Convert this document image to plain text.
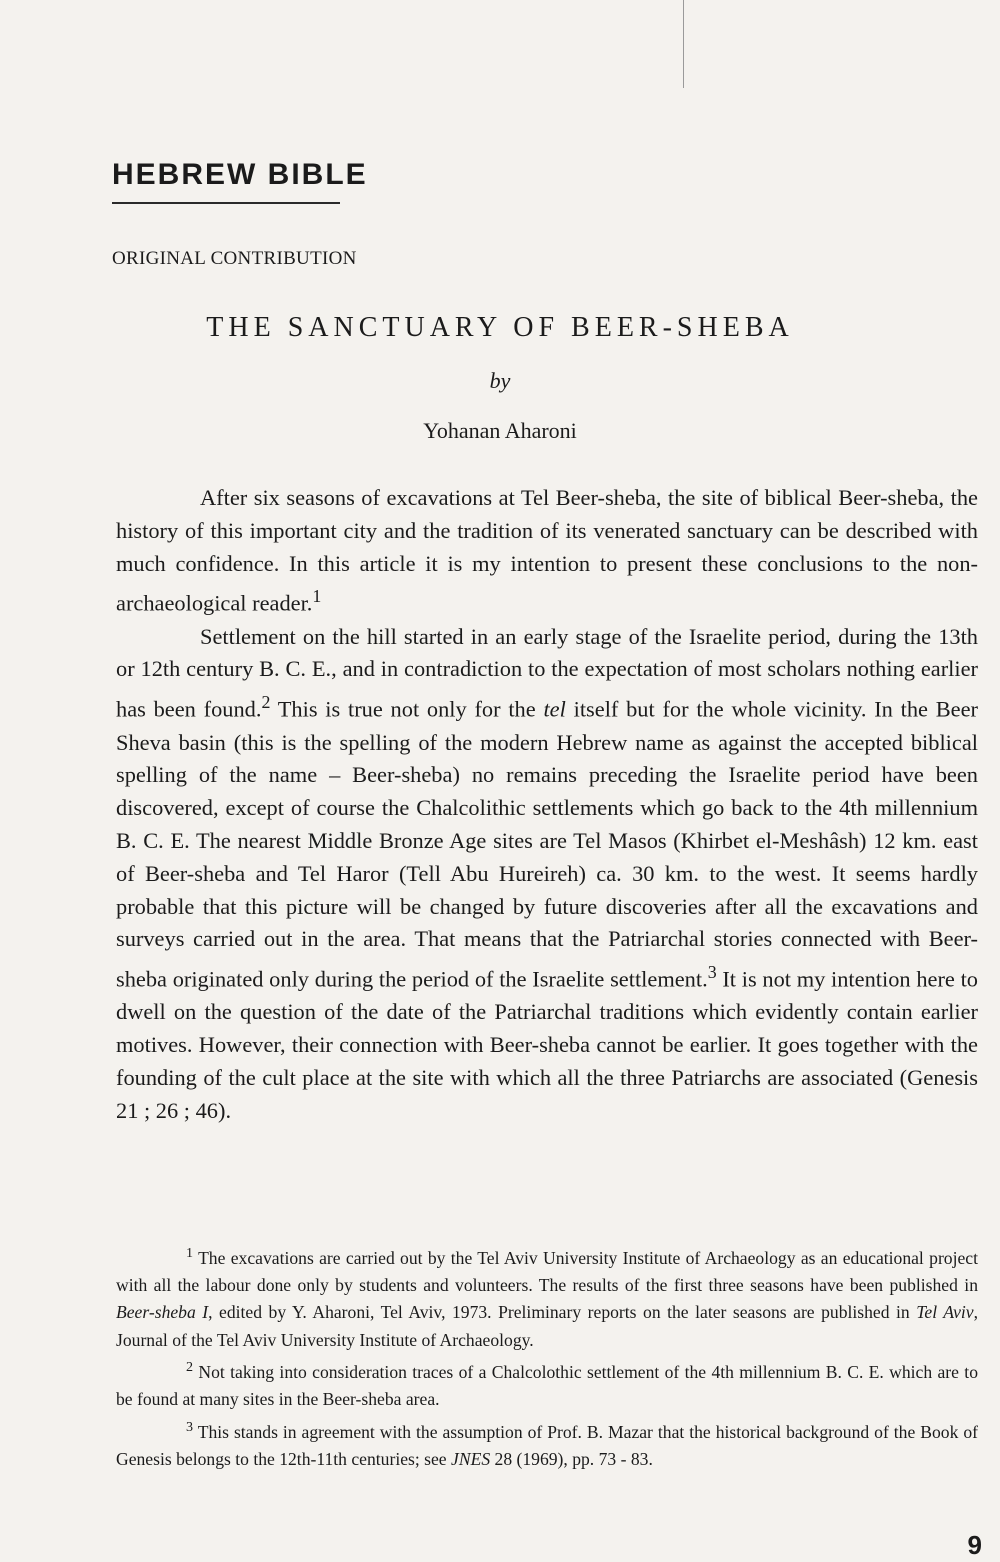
HEBREW BIBLE

ORIGINAL CONTRIBUTION

THE SANCTUARY OF BEER-SHEBA
by
Yohanan Aharoni

After six seasons of excavations at Tel Beer-sheba, the site of biblical Beer-sheba, the history of this important city and the tradition of its venerated sanctuary can be described with much confidence. In this article it is my intention to present these conclusions to the non-archaeological reader.$^1$

Settlement on the hill started in an early stage of the Israelite period, during the 13th or 12th century B. C. E., and in contradiction to the expectation of most scholars nothing earlier has been found.$^2$ This is true not only for the tel itself but for the whole vicinity. In the Beer Sheva basin (this is the spelling of the modern Hebrew name as against the accepted biblical spelling of the name – Beer-sheba) no remains preceding the Israelite period have been discovered, except of course the Chalcolithic settlements which go back to the 4th millennium B. C. E. The nearest Middle Bronze Age sites are Tel Masos (Khirbet el-Meshâsh) 12 km. east of Beer-sheba and Tel Haror (Tell Abu Hureireh) ca. 30 km. to the west. It seems hardly probable that this picture will be changed by future discoveries after all the excavations and surveys carried out in the area. That means that the Patriarchal stories connected with Beer-sheba originated only during the period of the Israelite settlement.$^3$ It is not my intention here to dwell on the question of the date of the Patriarchal traditions which evidently contain earlier motives. However, their connection with Beer-sheba cannot be earlier. It goes together with the founding of the cult place at the site with which all the three Patriarchs are associated (Genesis 21 ; 26 ; 46).

$^1$ The excavations are carried out by the Tel Aviv University Institute of Archaeology as an educational project with all the labour done only by students and volunteers. The results of the first three seasons have been published in Beer-sheba I, edited by Y. Aharoni, Tel Aviv, 1973. Preliminary reports on the later seasons are published in Tel Aviv, Journal of the Tel Aviv University Institute of Archaeology.

$^2$ Not taking into consideration traces of a Chalcolothic settlement of the 4th millennium B. C. E. which are to be found at many sites in the Beer-sheba area.

$^3$ This stands in agreement with the assumption of Prof. B. Mazar that the historical background of the Book of Genesis belongs to the 12th-11th centuries; see JNES 28 (1969), pp. 73 - 83.

9
